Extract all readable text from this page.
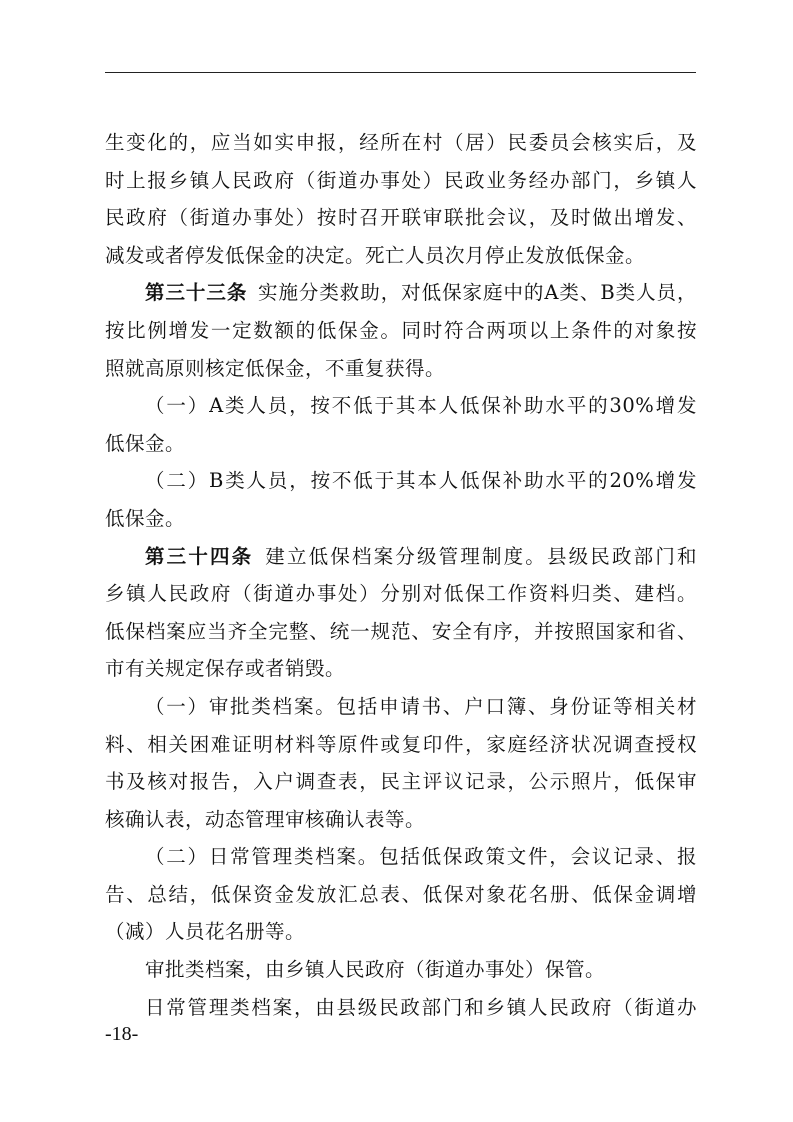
生变化的，应当如实申报，经所在村（居）民委员会核实后，及
时上报乡镇人民政府（街道办事处）民政业务经办部门，乡镇人
民政府（街道办事处）按时召开联审联批会议，及时做出增发、
减发或者停发低保金的决定。死亡人员次月停止发放低保金。
第三十三条  实施分类救助，对低保家庭中的A类、B类人员，
按比例增发一定数额的低保金。同时符合两项以上条件的对象按
照就高原则核定低保金，不重复获得。
（一）A类人员，按不低于其本人低保补助水平的30%增发
低保金。
（二）B类人员，按不低于其本人低保补助水平的20%增发
低保金。
第三十四条  建立低保档案分级管理制度。县级民政部门和
乡镇人民政府（街道办事处）分别对低保工作资料归类、建档。
低保档案应当齐全完整、统一规范、安全有序，并按照国家和省、
市有关规定保存或者销毁。
（一）审批类档案。包括申请书、户口簿、身份证等相关材
料、相关困难证明材料等原件或复印件，家庭经济状况调查授权
书及核对报告，入户调查表，民主评议记录，公示照片，低保审
核确认表，动态管理审核确认表等。
（二）日常管理类档案。包括低保政策文件，会议记录、报
告、总结，低保资金发放汇总表、低保对象花名册、低保金调增
（减）人员花名册等。
审批类档案，由乡镇人民政府（街道办事处）保管。
日常管理类档案，由县级民政部门和乡镇人民政府（街道办
-18-
